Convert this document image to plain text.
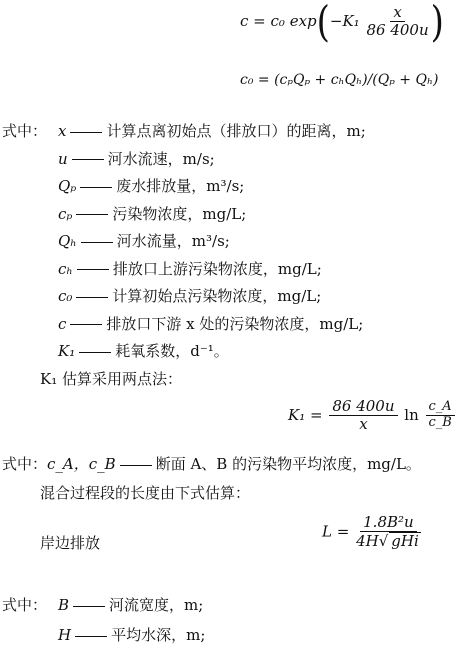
c = c₀ $\exp(-K_1 \frac{x}{86 400u}$ )
c₀ = (cₚQₚ + cₕQₕ)/(Qₚ + Qₕ)
式中： x	计算点离初始点（排放口）的距离，m;
u	河水流速，m/s;
Qₚ	废水排放量，m³/s;
cₚ	污染物浓度，mg/L;
Qₕ	河水流量，m³/s;
cₕ	排放口上游污染物浓度，mg/L;
c₀	计算初始点污染物浓度，mg/L;
c	排放口下游 x 处的污染物浓度，mg/L;
K₁	耗氧系数，d⁻¹。
K₁ 估算采用两点法：
$K_1 = \frac{86 400u}{x}$ $\ln \frac{c\_A}{c\_B}$
式中：c_A，c_B	断面 A、B 的污染物平均浓度，mg/L。
混合过程段的长度由下式估算：
岸边排放
$L = \frac{\text{1.8B²u}}{\text{4H√ gHi}}$
式中： B	河流宽度，m;
H	平均水深，m;
